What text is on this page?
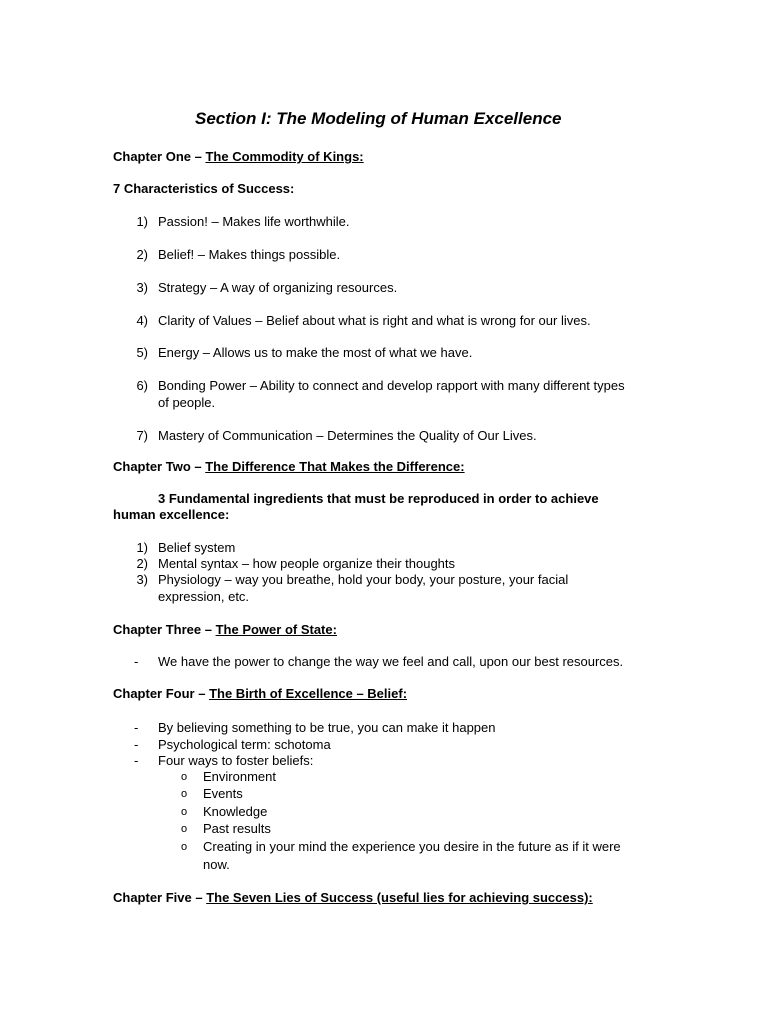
Section I: The Modeling of Human Excellence
Chapter One – The Commodity of Kings:
7 Characteristics of Success:
1) Passion! – Makes life worthwhile.
2) Belief! – Makes things possible.
3) Strategy – A way of organizing resources.
4) Clarity of Values – Belief about what is right and what is wrong for our lives.
5) Energy – Allows us to make the most of what we have.
6) Bonding Power – Ability to connect and develop rapport with many different types
of people.
7) Mastery of Communication – Determines the Quality of Our Lives.
Chapter Two – The Difference That Makes the Difference:
3 Fundamental ingredients that must be reproduced in order to achieve
human excellence:
1) Belief system
2) Mental syntax – how people organize their thoughts
3) Physiology – way you breathe, hold your body, your posture, your facial
expression, etc.
Chapter Three – The Power of State:
- We have the power to change the way we feel and call, upon our best resources.
Chapter Four – The Birth of Excellence – Belief:
- By believing something to be true, you can make it happen
- Psychological term: schotoma
- Four ways to foster beliefs:
o Environment
o Events
o Knowledge
o Past results
o Creating in your mind the experience you desire in the future as if it were
now.
Chapter Five – The Seven Lies of Success (useful lies for achieving success):
